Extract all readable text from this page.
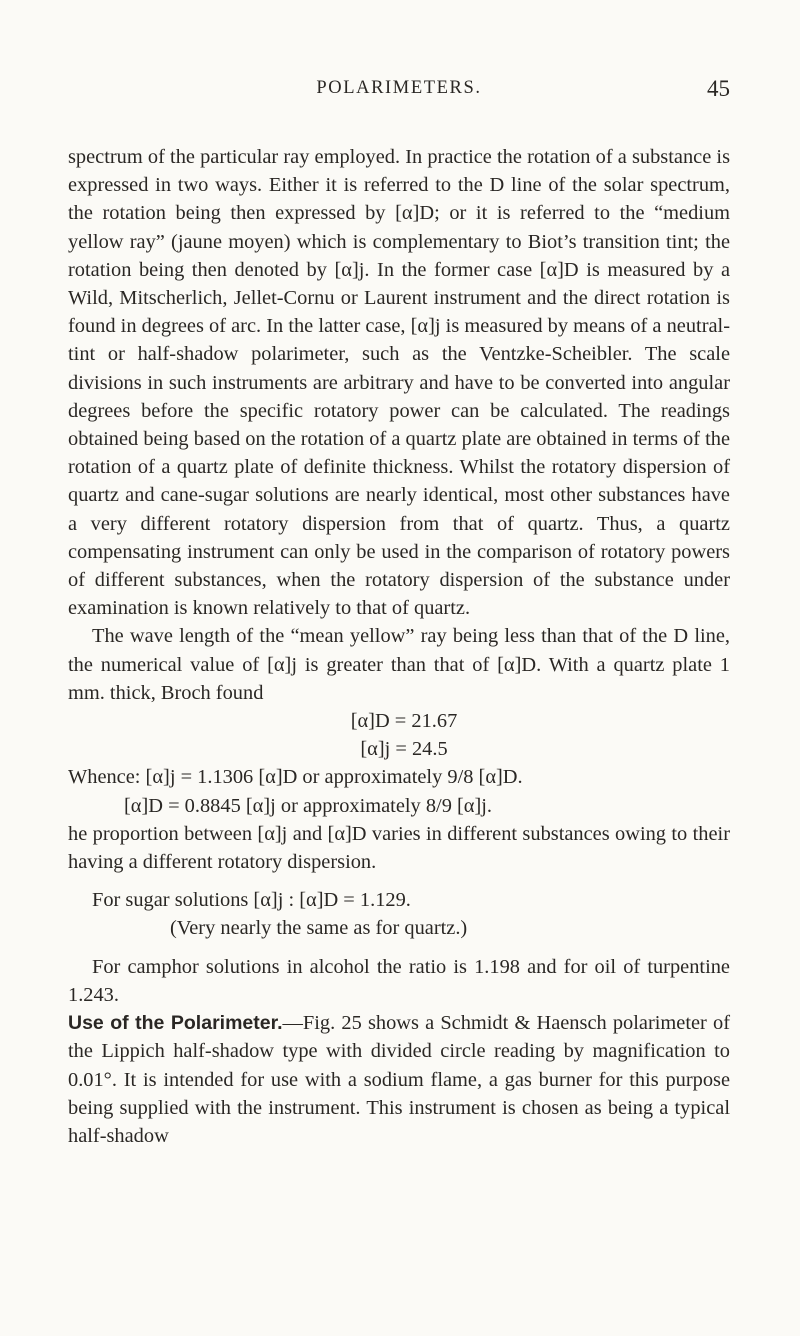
POLARIMETERS.	45

spectrum of the particular ray employed. In practice the rotation of a substance is expressed in two ways. Either it is referred to the D line of the solar spectrum, the rotation being then expressed by [α]D; or it is referred to the “medium yellow ray” (jaune moyen) which is complementary to Biot’s transition tint; the rotation being then denoted by [α]j. In the former case [α]D is measured by a Wild, Mitscherlich, Jellet-Cornu or Laurent instrument and the direct rotation is found in degrees of arc. In the latter case, [α]j is measured by means of a neutral-tint or half-shadow polarimeter, such as the Ventzke-Scheibler. The scale divisions in such instruments are arbitrary and have to be converted into angular degrees before the specific rotatory power can be calculated. The readings obtained being based on the rotation of a quartz plate are obtained in terms of the rotation of a quartz plate of definite thickness. Whilst the rotatory dispersion of quartz and cane-sugar solutions are nearly identical, most other substances have a very different rotatory dispersion from that of quartz. Thus, a quartz compensating instrument can only be used in the comparison of rotatory powers of different substances, when the rotatory dispersion of the substance under examination is known relatively to that of quartz.

The wave length of the “mean yellow” ray being less than that of the D line, the numerical value of [α]j is greater than that of [α]D. With a quartz plate 1 mm. thick, Broch found

[α]D = 21.67

[α]j = 24.5

Whence: [α]j = 1.1306 [α]D or approximately 9/8 [α]D.

[α]D = 0.8845 [α]j or approximately 8/9 [α]j.

he proportion between [α]j and [α]D varies in different substances owing to their having a different rotatory dispersion.

For sugar solutions [α]j : [α]D = 1.129.

(Very nearly the same as for quartz.)

For camphor solutions in alcohol the ratio is 1.198 and for oil of turpentine 1.243.

Use of the Polarimeter.—Fig. 25 shows a Schmidt & Haensch polarimeter of the Lippich half-shadow type with divided circle reading by magnification to 0.01°. It is intended for use with a sodium flame, a gas burner for this purpose being supplied with the instrument. This instrument is chosen as being a typical half-shadow
